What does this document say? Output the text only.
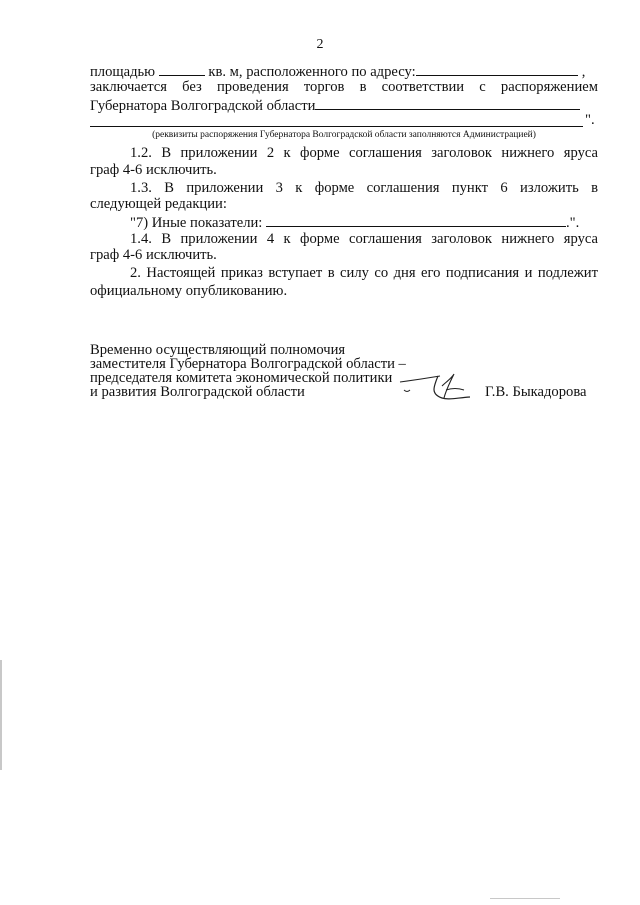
2
площадью	кв. м, расположенного по адресу:	,
заключается без проведения торгов в соответствии с распоряжением
Губернатора Волгоградской области
".
(реквизиты распоряжения Губернатора Волгоградской области заполняются Администрацией)
1.2. В приложении 2 к форме соглашения заголовок нижнего яруса
граф 4-6 исключить.
1.3. В приложении 3 к форме соглашения пункт 6 изложить в
следующей редакции:
"7) Иные показатели:	.".
1.4. В приложении 4 к форме соглашения заголовок нижнего яруса
граф 4-6 исключить.
2. Настоящей приказ вступает в силу со дня его подписания и подлежит
официальному опубликованию.
Временно осуществляющий полномочия
заместителя Губернатора Волгоградской области –
председателя комитета экономической политики
и развития Волгоградской области	Г.В. Быкадорова
